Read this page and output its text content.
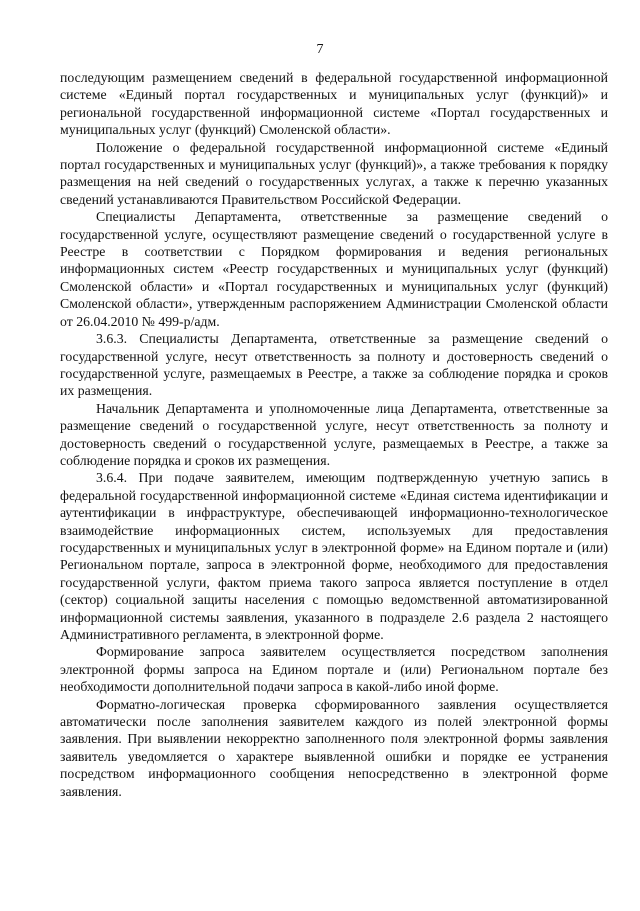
7

последующим размещением сведений в федеральной государственной информационной системе «Единый портал государственных и муниципальных услуг (функций)» и региональной государственной информационной системе «Портал государственных и муниципальных услуг (функций) Смоленской области».

Положение о федеральной государственной информационной системе «Единый портал государственных и муниципальных услуг (функций)», а также требования к порядку размещения на ней сведений о государственных услугах, а также к перечню указанных сведений устанавливаются Правительством Российской Федерации.

Специалисты Департамента, ответственные за размещение сведений о государственной услуге, осуществляют размещение сведений о государственной услуге в Реестре в соответствии с Порядком формирования и ведения региональных информационных систем «Реестр государственных и муниципальных услуг (функций) Смоленской области» и «Портал государственных и муниципальных услуг (функций) Смоленской области», утвержденным распоряжением Администрации Смоленской области от 26.04.2010 № 499-р/адм.

3.6.3. Специалисты Департамента, ответственные за размещение сведений о государственной услуге, несут ответственность за полноту и достоверность сведений о государственной услуге, размещаемых в Реестре, а также за соблюдение порядка и сроков их размещения.

Начальник Департамента и уполномоченные лица Департамента, ответственные за размещение сведений о государственной услуге, несут ответственность за полноту и достоверность сведений о государственной услуге, размещаемых в Реестре, а также за соблюдение порядка и сроков их размещения.

3.6.4. При подаче заявителем, имеющим подтвержденную учетную запись в федеральной государственной информационной системе «Единая система идентификации и аутентификации в инфраструктуре, обеспечивающей информационно-технологическое взаимодействие информационных систем, используемых для предоставления государственных и муниципальных услуг в электронной форме» на Едином портале и (или) Региональном портале, запроса в электронной форме, необходимого для предоставления государственной услуги, фактом приема такого запроса является поступление в отдел (сектор) социальной защиты населения с помощью ведомственной автоматизированной информационной системы заявления, указанного в подразделе 2.6 раздела 2 настоящего Административного регламента, в электронной форме.

Формирование запроса заявителем осуществляется посредством заполнения электронной формы запроса на Едином портале и (или) Региональном портале без необходимости дополнительной подачи запроса в какой-либо иной форме.

Форматно-логическая проверка сформированного заявления осуществляется автоматически после заполнения заявителем каждого из полей электронной формы заявления. При выявлении некорректно заполненного поля электронной формы заявления заявитель уведомляется о характере выявленной ошибки и порядке ее устранения посредством информационного сообщения непосредственно в электронной форме заявления.
